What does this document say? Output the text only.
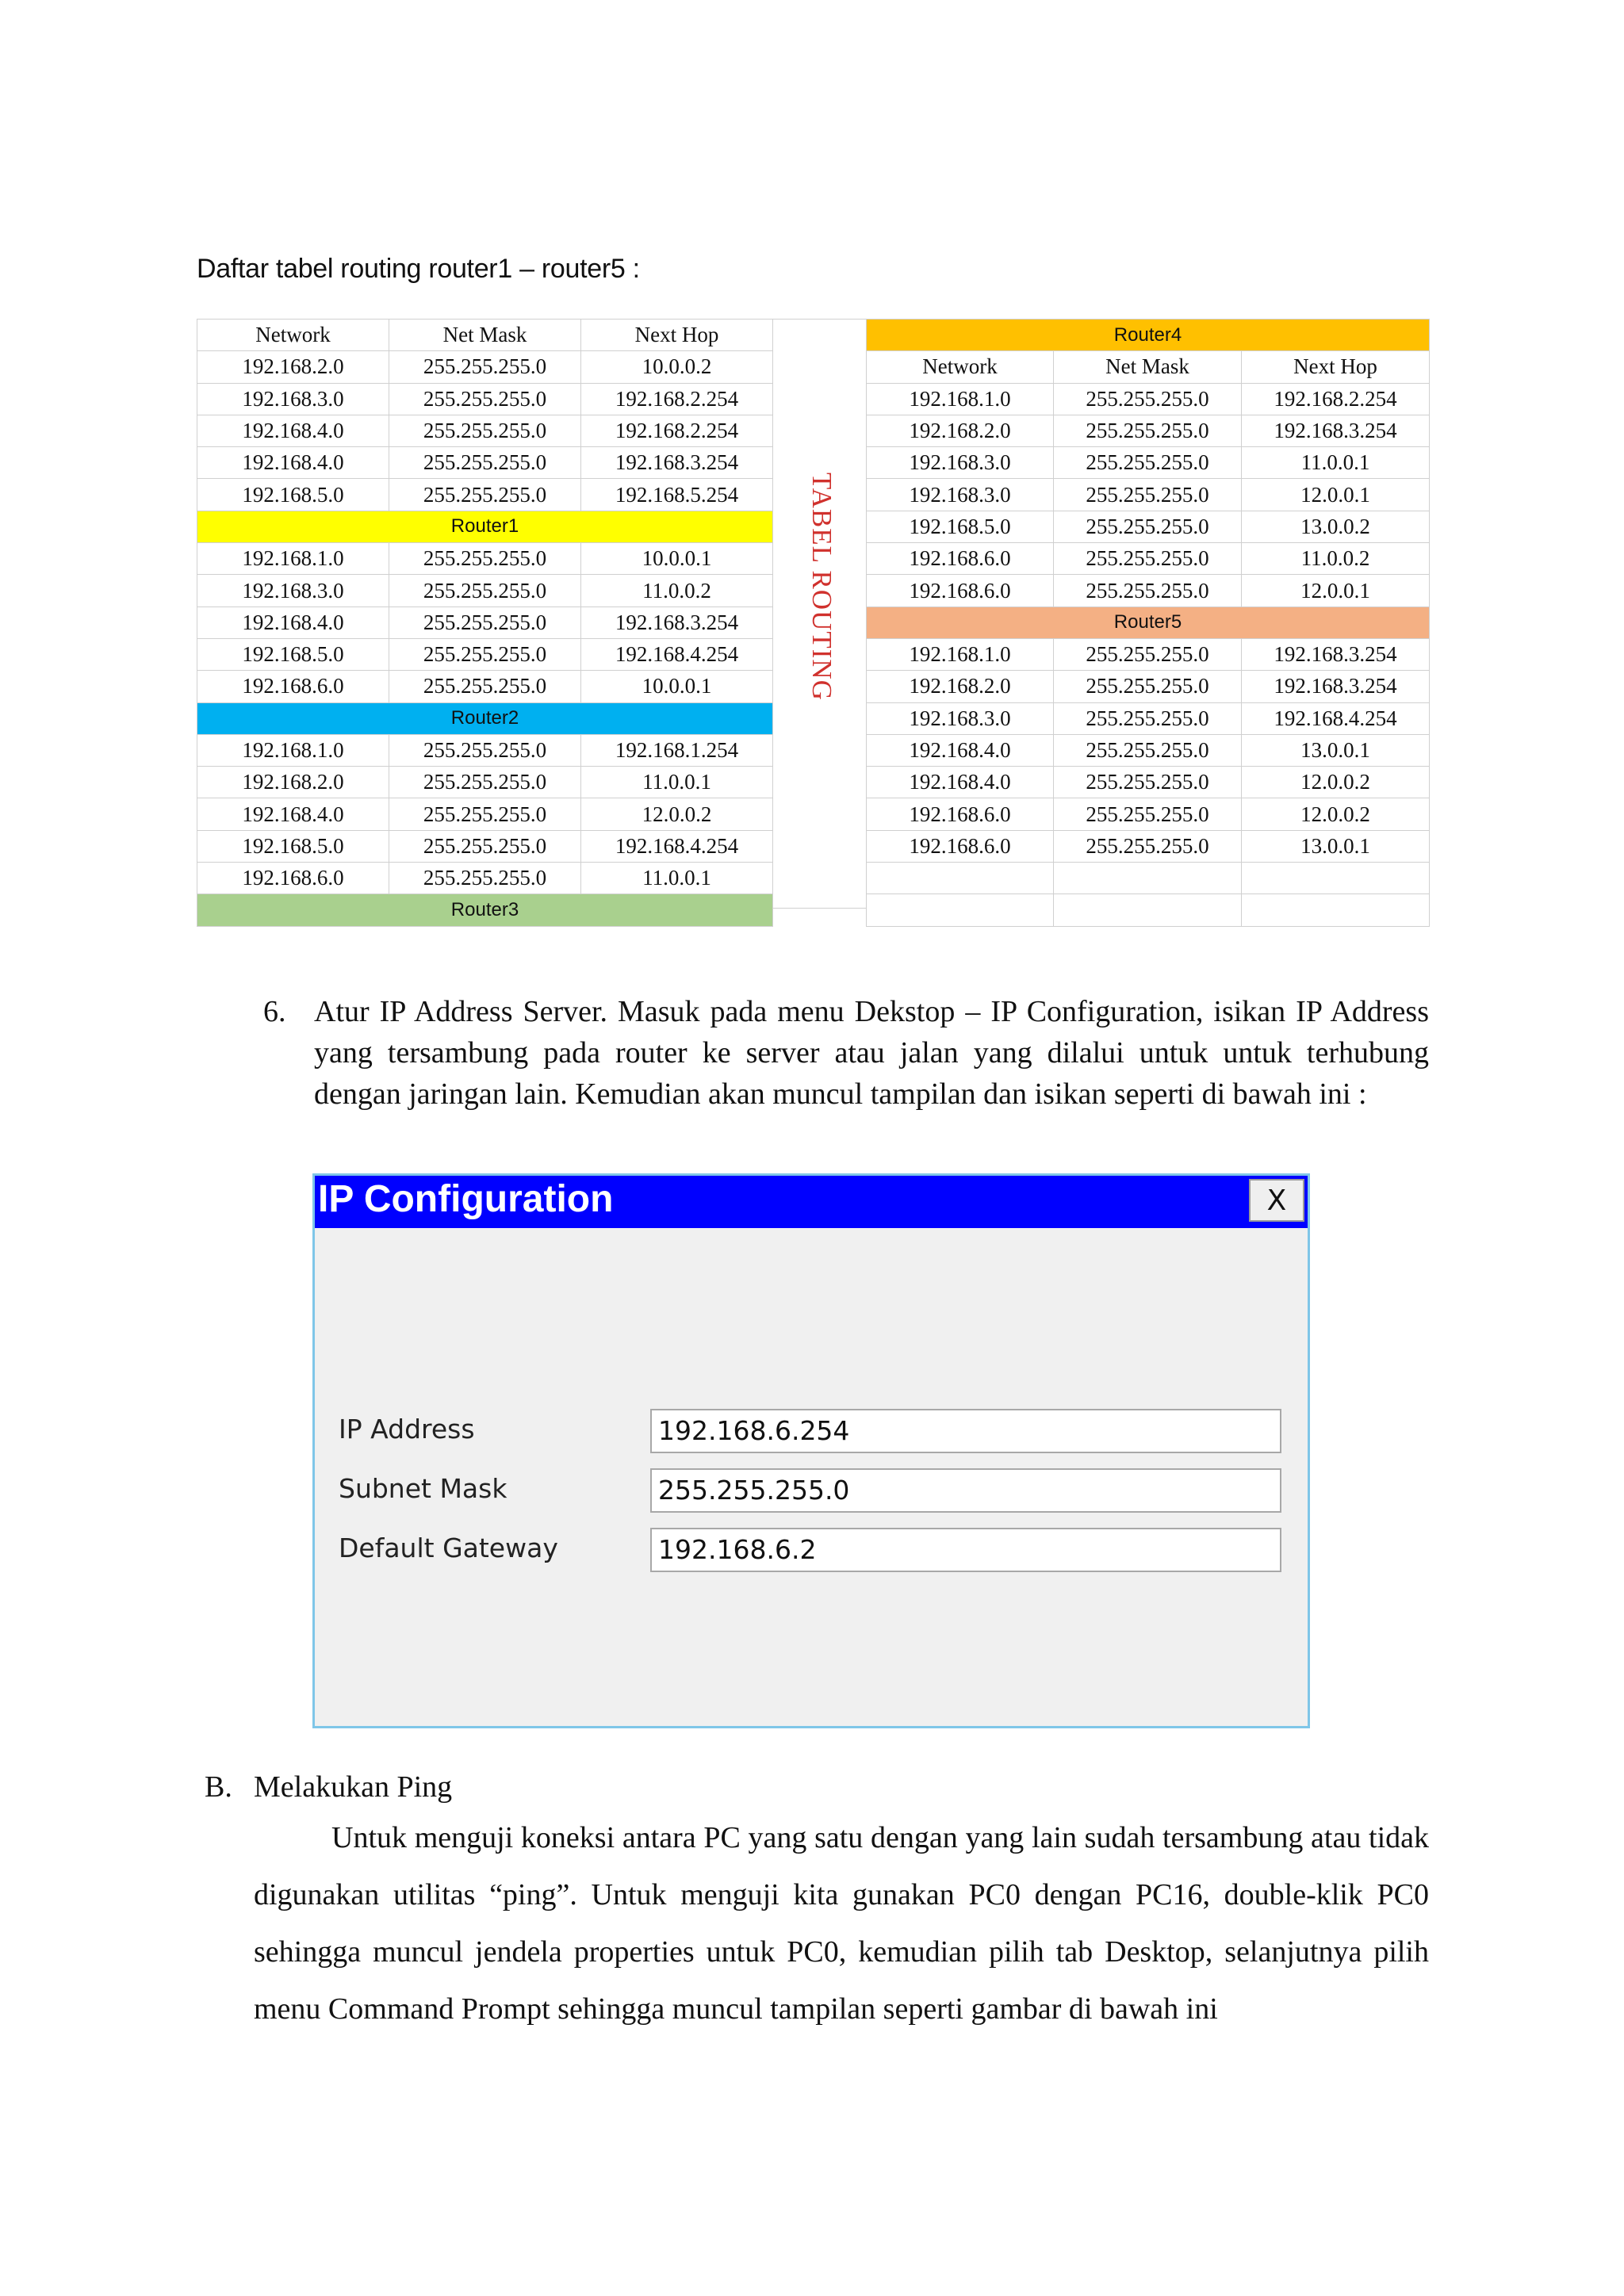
Daftar tabel routing router1 – router5 :
Network	Net Mask	Next Hop
192.168.2.0	255.255.255.0	10.0.0.2
192.168.3.0	255.255.255.0	192.168.2.254
192.168.4.0	255.255.255.0	192.168.2.254
192.168.4.0	255.255.255.0	192.168.3.254
192.168.5.0	255.255.255.0	192.168.5.254
Router1		
192.168.1.0	255.255.255.0	10.0.0.1
192.168.3.0	255.255.255.0	11.0.0.2
192.168.4.0	255.255.255.0	192.168.3.254
192.168.5.0	255.255.255.0	192.168.4.254
192.168.6.0	255.255.255.0	10.0.0.1
Router2		
192.168.1.0	255.255.255.0	192.168.1.254
192.168.2.0	255.255.255.0	11.0.0.1
192.168.4.0	255.255.255.0	12.0.0.2
192.168.5.0	255.255.255.0	192.168.4.254
192.168.6.0	255.255.255.0	11.0.0.1
Router3		
TABEL ROUTING
Router4		
Network	Net Mask	Next Hop
192.168.1.0	255.255.255.0	192.168.2.254
192.168.2.0	255.255.255.0	192.168.3.254
192.168.3.0	255.255.255.0	11.0.0.1
192.168.3.0	255.255.255.0	12.0.0.1
192.168.5.0	255.255.255.0	13.0.0.2
192.168.6.0	255.255.255.0	11.0.0.2
192.168.6.0	255.255.255.0	12.0.0.1
Router5		
192.168.1.0	255.255.255.0	192.168.3.254
192.168.2.0	255.255.255.0	192.168.3.254
192.168.3.0	255.255.255.0	192.168.4.254
192.168.4.0	255.255.255.0	13.0.0.1
192.168.4.0	255.255.255.0	12.0.0.2
192.168.6.0	255.255.255.0	12.0.0.2
192.168.6.0	255.255.255.0	13.0.0.1

6. Atur IP Address Server. Masuk pada menu Dekstop – IP Configuration, isikan IP Address yang tersambung pada router ke server atau jalan yang dilalui untuk untuk terhubung dengan jaringan lain. Kemudian akan muncul tampilan dan isikan seperti di bawah ini :
IP Configuration	X
IP Address	192.168.6.254
Subnet Mask	255.255.255.0
Default Gateway	192.168.6.2
B. Melakukan Ping
Untuk menguji koneksi antara PC yang satu dengan yang lain sudah tersambung atau tidak digunakan utilitas “ping”. Untuk menguji kita gunakan PC0 dengan PC16, double-klik PC0 sehingga muncul jendela properties untuk PC0, kemudian pilih tab Desktop, selanjutnya pilih menu Command Prompt sehingga muncul tampilan seperti gambar di bawah ini
